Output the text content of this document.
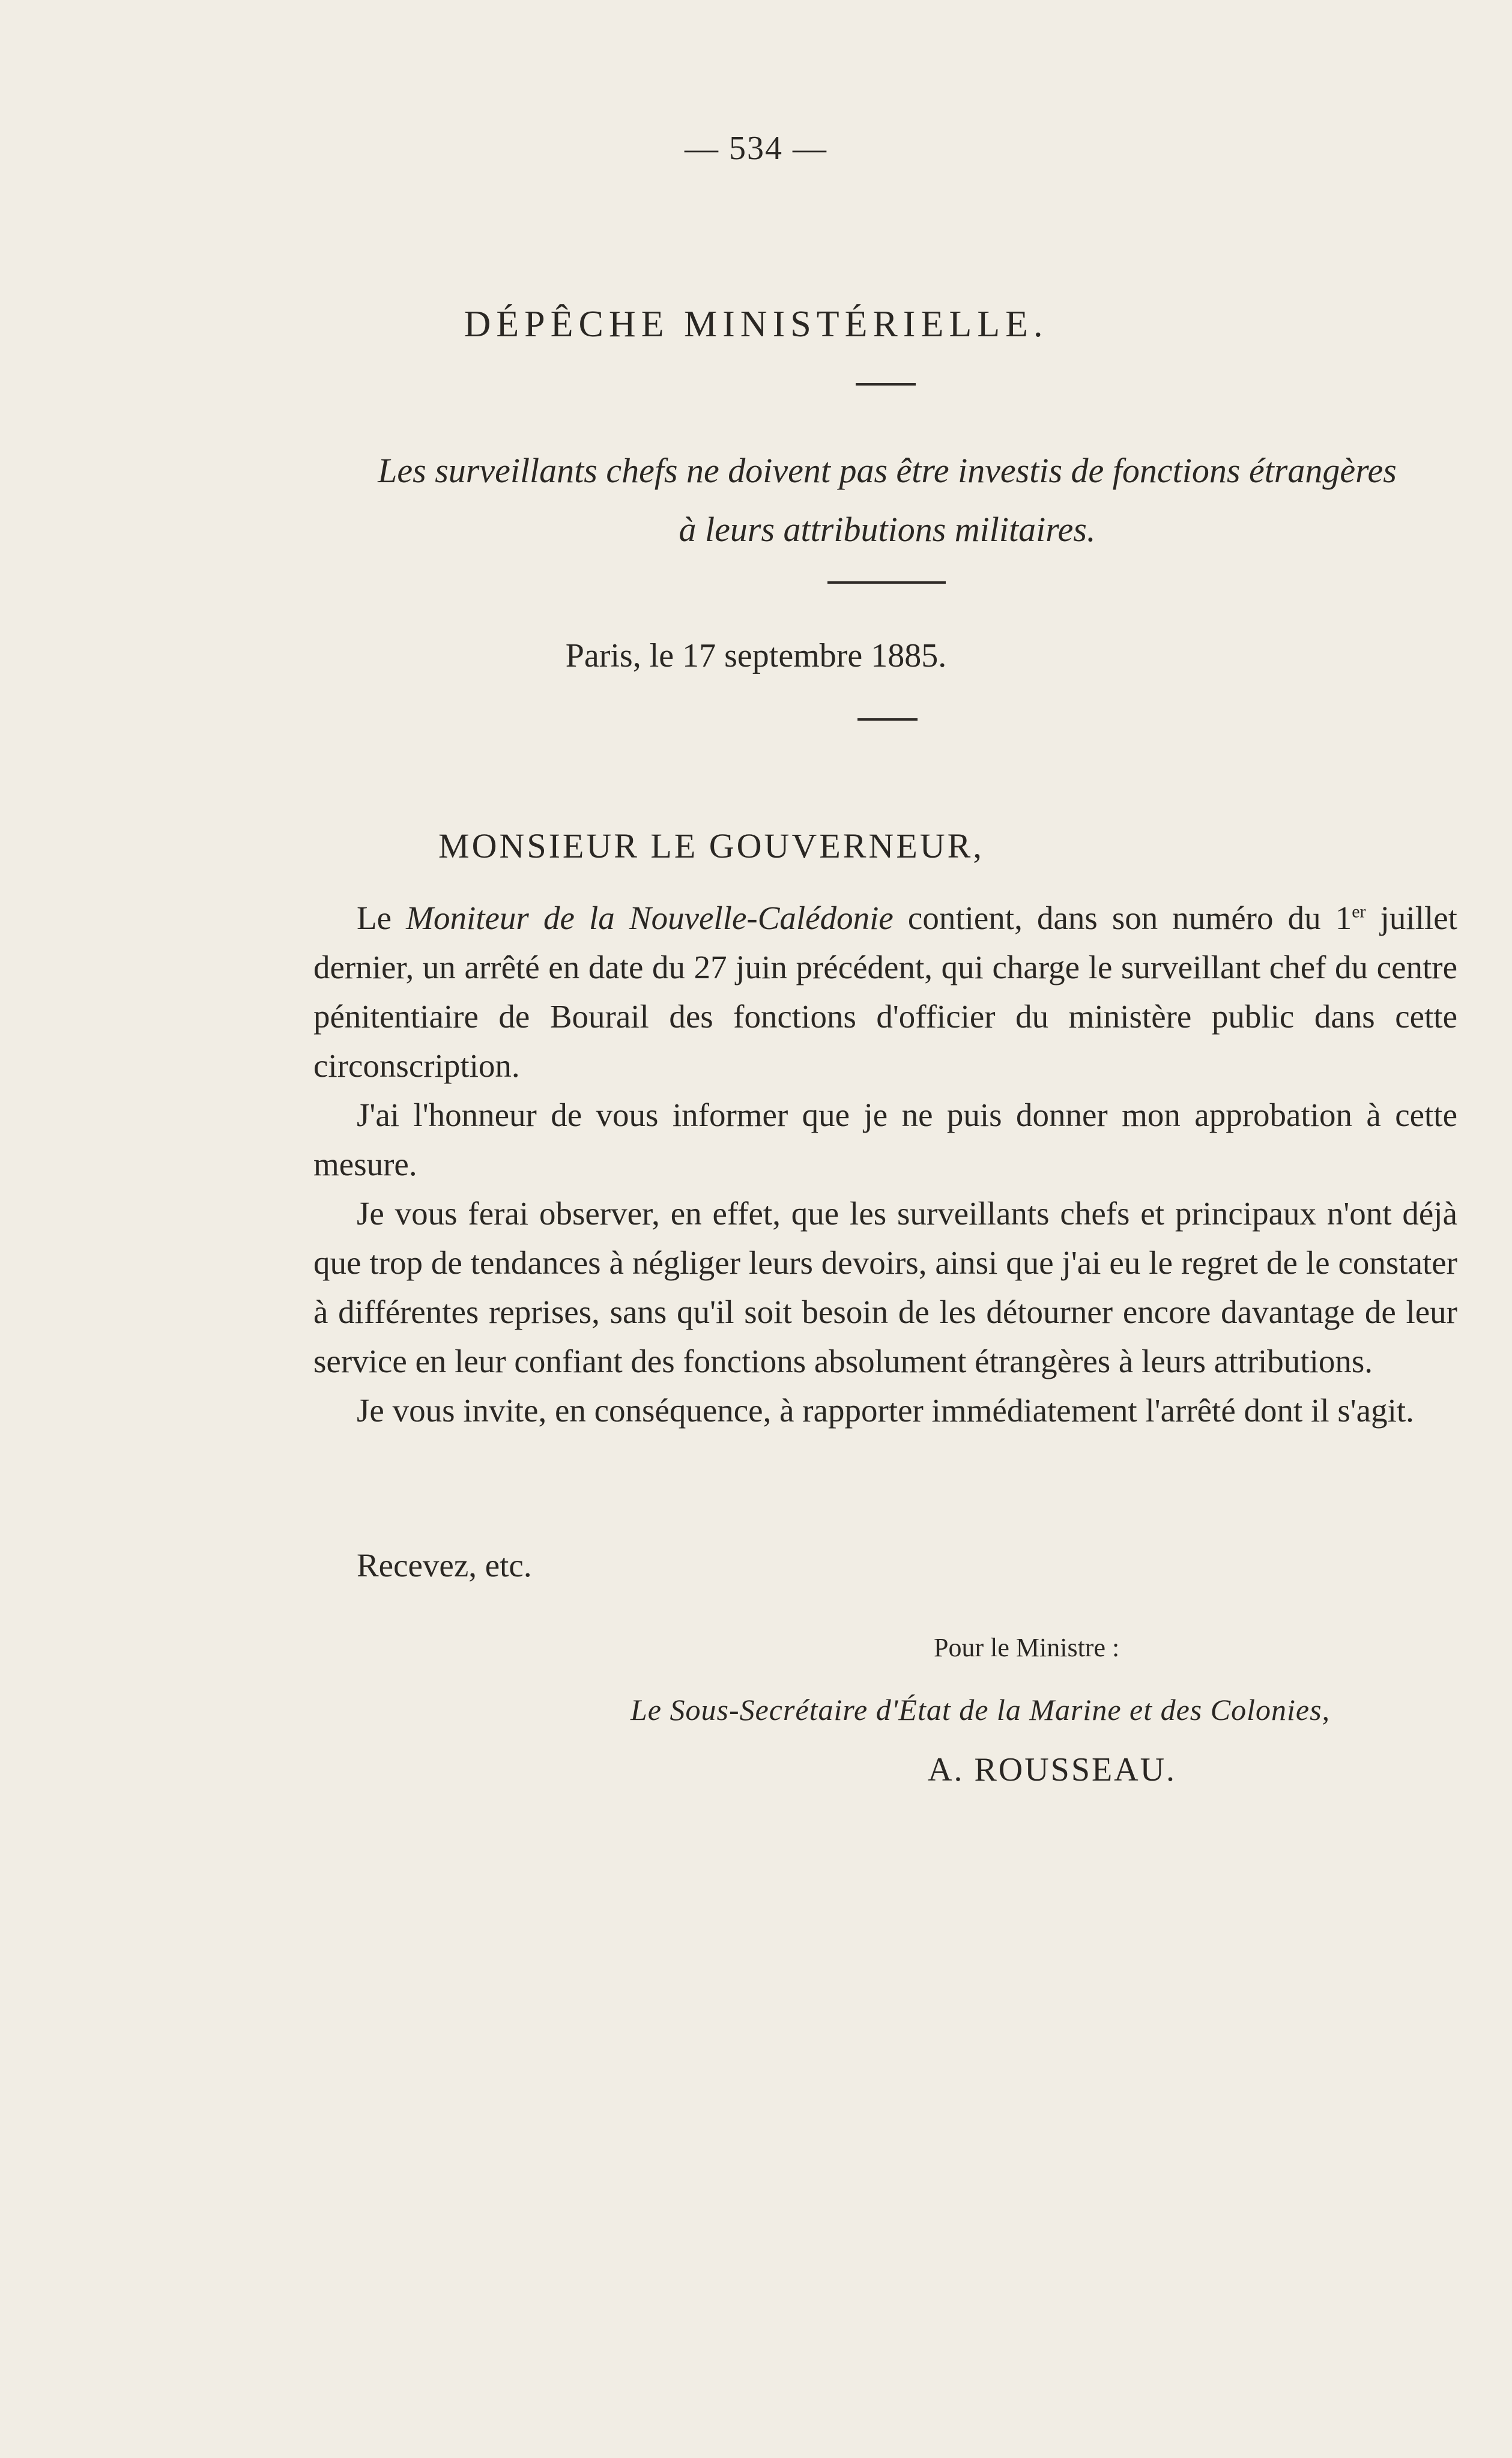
— 534 —
DÉPÊCHE MINISTÉRIELLE.
Les surveillants chefs ne doivent pas être investis de fonctions étrangères
à leurs attributions militaires.
Paris, le 17 septembre 1885.
MONSIEUR LE GOUVERNEUR,

Le Moniteur de la Nouvelle-Calédonie contient, dans son numéro du 1er juillet dernier, un arrêté en date du 27 juin précédent, qui charge le surveillant chef du centre pénitentiaire de Bourail des fonctions d'officier du ministère public dans cette circonscription.

J'ai l'honneur de vous informer que je ne puis donner mon approbation à cette mesure.

Je vous ferai observer, en effet, que les surveillants chefs et principaux n'ont déjà que trop de tendances à négliger leurs devoirs, ainsi que j'ai eu le regret de le constater à différentes reprises, sans qu'il soit besoin de les détourner encore davantage de leur service en leur confiant des fonctions absolument étrangères à leurs attributions.

Je vous invite, en conséquence, à rapporter immédiatement l'arrêté dont il s'agit.

Recevez, etc.
Pour le Ministre :
Le Sous-Secrétaire d'État de la Marine et des Colonies,
A. ROUSSEAU.
